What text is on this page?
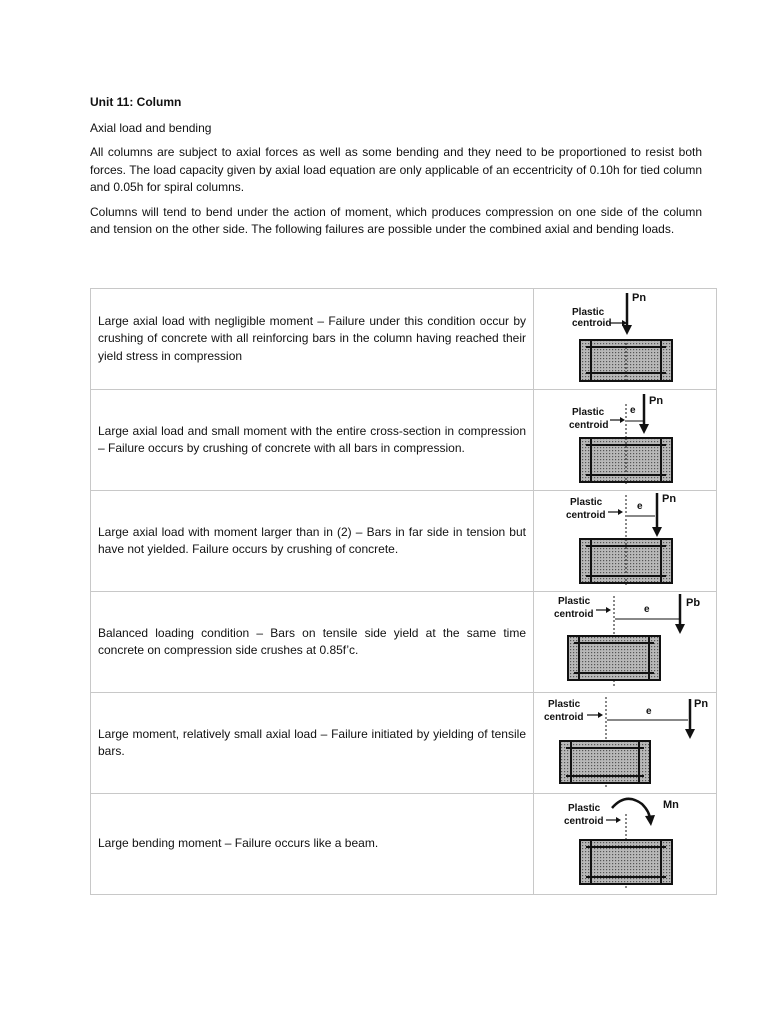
Unit 11: Column
Axial load and bending

All columns are subject to axial forces as well as some bending and they need to be proportioned to resist both forces. The load capacity given by axial load equation are only applicable of an eccentricity of 0.10h for tied column and 0.05h for spiral columns.

Columns will tend to bend under the action of moment, which produces compression on one side of the column and tension on the other side. The following failures are possible under the combined axial and bending loads.

Large axial load with negligible moment – Failure under this condition occur by crushing of concrete with all reinforcing bars in the column having reached their yield stress in compression	Plastic
centroid
Pn

Large axial load and small moment with the entire cross-section in compression – Failure occurs by crushing of concrete with all bars in compression.	Plastic
centroid
e
Pn

Large axial load with moment larger than in (2) – Bars in far side in tension but have not yielded. Failure occurs by crushing of concrete.	Plastic
centroid
e
Pn

Balanced loading condition – Bars on tensile side yield at the same time concrete on compression side crushes at 0.85f’c.	Plastic
centroid e
Pb

Large moment, relatively small axial load – Failure initiated by yielding of tensile bars.	Plastic
centroid
e
Pn

Large bending moment – Failure occurs like a beam.	Plastic
centroid
Mn
